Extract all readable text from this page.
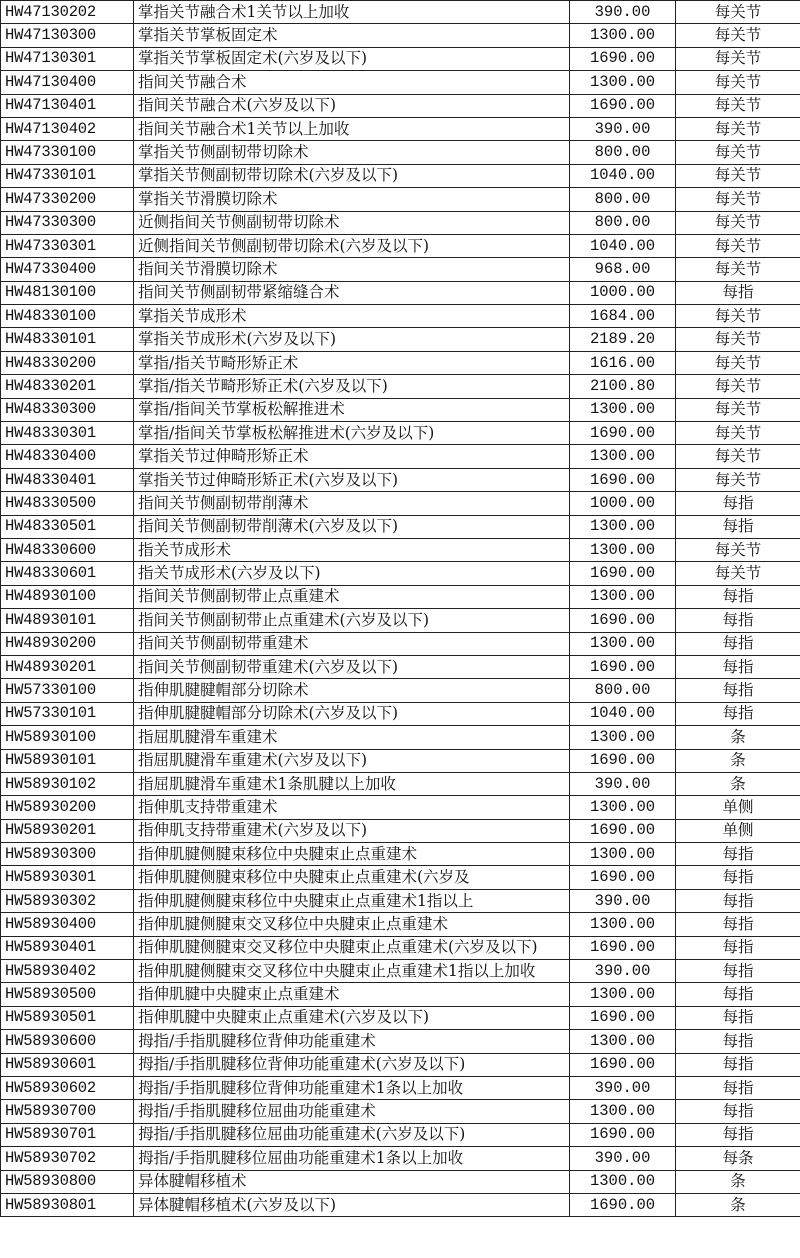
HW47130202	掌指关节融合术1关节以上加收	390.00	每关节
HW47130300	掌指关节掌板固定术	1300.00	每关节
HW47130301	掌指关节掌板固定术(六岁及以下)	1690.00	每关节
HW47130400	指间关节融合术	1300.00	每关节
HW47130401	指间关节融合术(六岁及以下)	1690.00	每关节
HW47130402	指间关节融合术1关节以上加收	390.00	每关节
HW47330100	掌指关节侧副韧带切除术	800.00	每关节
HW47330101	掌指关节侧副韧带切除术(六岁及以下)	1040.00	每关节
HW47330200	掌指关节滑膜切除术	800.00	每关节
HW47330300	近侧指间关节侧副韧带切除术	800.00	每关节
HW47330301	近侧指间关节侧副韧带切除术(六岁及以下)	1040.00	每关节
HW47330400	指间关节滑膜切除术	968.00	每关节
HW48130100	指间关节侧副韧带紧缩缝合术	1000.00	每指
HW48330100	掌指关节成形术	1684.00	每关节
HW48330101	掌指关节成形术(六岁及以下)	2189.20	每关节
HW48330200	掌指/指关节畸形矫正术	1616.00	每关节
HW48330201	掌指/指关节畸形矫正术(六岁及以下)	2100.80	每关节
HW48330300	掌指/指间关节掌板松解推进术	1300.00	每关节
HW48330301	掌指/指间关节掌板松解推进术(六岁及以下)	1690.00	每关节
HW48330400	掌指关节过伸畸形矫正术	1300.00	每关节
HW48330401	掌指关节过伸畸形矫正术(六岁及以下)	1690.00	每关节
HW48330500	指间关节侧副韧带削薄术	1000.00	每指
HW48330501	指间关节侧副韧带削薄术(六岁及以下)	1300.00	每指
HW48330600	指关节成形术	1300.00	每关节
HW48330601	指关节成形术(六岁及以下)	1690.00	每关节
HW48930100	指间关节侧副韧带止点重建术	1300.00	每指
HW48930101	指间关节侧副韧带止点重建术(六岁及以下)	1690.00	每指
HW48930200	指间关节侧副韧带重建术	1300.00	每指
HW48930201	指间关节侧副韧带重建术(六岁及以下)	1690.00	每指
HW57330100	指伸肌腱腱帽部分切除术	800.00	每指
HW57330101	指伸肌腱腱帽部分切除术(六岁及以下)	1040.00	每指
HW58930100	指屈肌腱滑车重建术	1300.00	条
HW58930101	指屈肌腱滑车重建术(六岁及以下)	1690.00	条
HW58930102	指屈肌腱滑车重建术1条肌腱以上加收	390.00	条
HW58930200	指伸肌支持带重建术	1300.00	单侧
HW58930201	指伸肌支持带重建术(六岁及以下)	1690.00	单侧
HW58930300	指伸肌腱侧腱束移位中央腱束止点重建术	1300.00	每指
HW58930301	指伸肌腱侧腱束移位中央腱束止点重建术(六岁及	1690.00	每指
HW58930302	指伸肌腱侧腱束移位中央腱束止点重建术1指以上	390.00	每指
HW58930400	指伸肌腱侧腱束交叉移位中央腱束止点重建术	1300.00	每指
HW58930401	指伸肌腱侧腱束交叉移位中央腱束止点重建术(六岁及以下)	1690.00	每指
HW58930402	指伸肌腱侧腱束交叉移位中央腱束止点重建术1指以上加收	390.00	每指
HW58930500	指伸肌腱中央腱束止点重建术	1300.00	每指
HW58930501	指伸肌腱中央腱束止点重建术(六岁及以下)	1690.00	每指
HW58930600	拇指/手指肌腱移位背伸功能重建术	1300.00	每指
HW58930601	拇指/手指肌腱移位背伸功能重建术(六岁及以下)	1690.00	每指
HW58930602	拇指/手指肌腱移位背伸功能重建术1条以上加收	390.00	每指
HW58930700	拇指/手指肌腱移位屈曲功能重建术	1300.00	每指
HW58930701	拇指/手指肌腱移位屈曲功能重建术(六岁及以下)	1690.00	每指
HW58930702	拇指/手指肌腱移位屈曲功能重建术1条以上加收	390.00	每条
HW58930800	异体腱帽移植术	1300.00	条
HW58930801	异体腱帽移植术(六岁及以下)	1690.00	条
